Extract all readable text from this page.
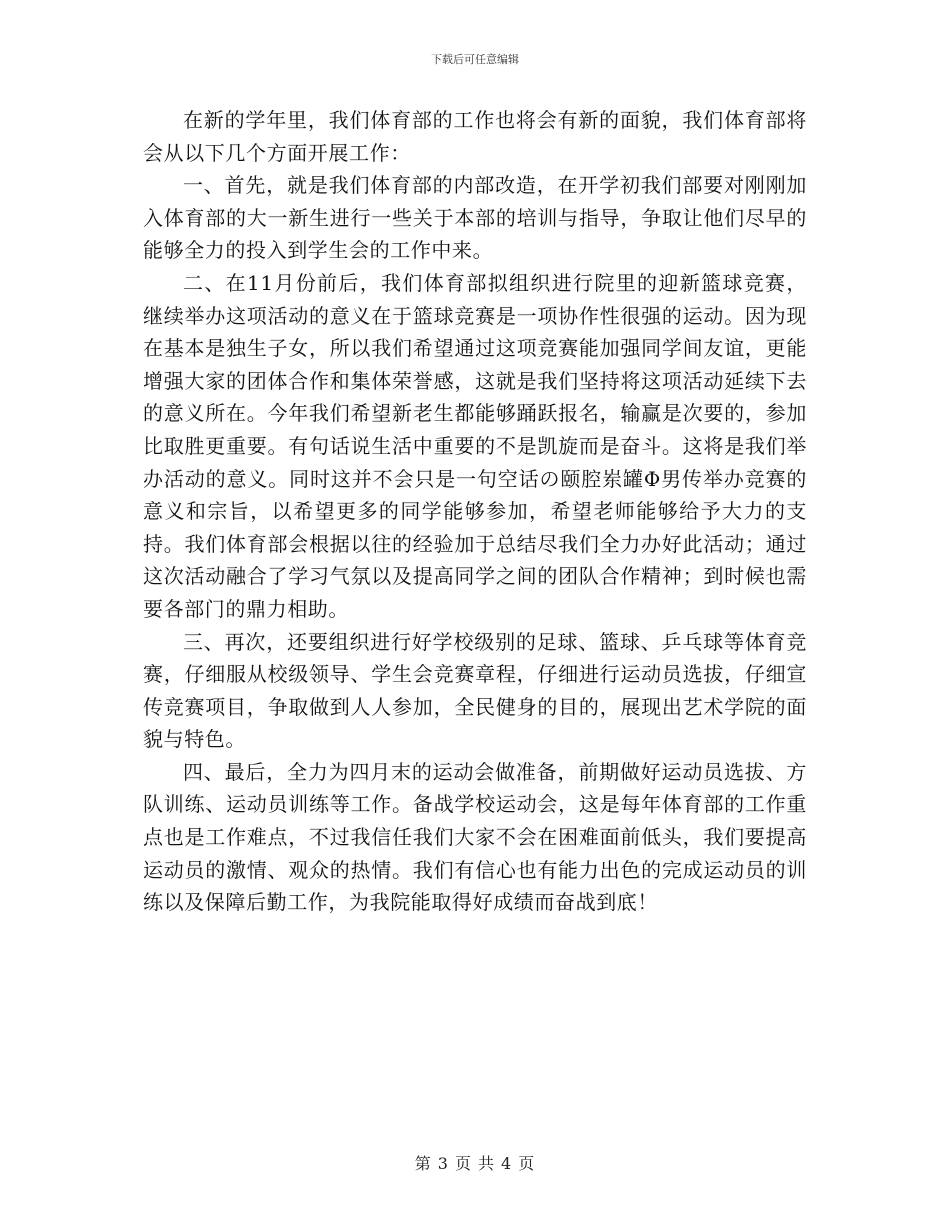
下载后可任意编辑

在新的学年里，我们体育部的工作也将会有新的面貌，我们体育部将会从以下几个方面开展工作：

一、首先，就是我们体育部的内部改造，在开学初我们部要对刚刚加入体育部的大一新生进行一些关于本部的培训与指导，争取让他们尽早的能够全力的投入到学生会的工作中来。

二、在11月份前后，我们体育部拟组织进行院里的迎新篮球竞赛，继续举办这项活动的意义在于篮球竞赛是一项协作性很强的运动。因为现在基本是独生子女，所以我们希望通过这项竞赛能加强同学间友谊，更能增强大家的团体合作和集体荣誉感，这就是我们坚持将这项活动延续下去的意义所在。今年我们希望新老生都能够踊跃报名，输赢是次要的，参加比取胜更重要。有句话说生活中重要的不是凯旋而是奋斗。这将是我们举办活动的意义。同时这并不会只是一句空话の颐腔岽罐Φ男传举办竞赛的意义和宗旨，以希望更多的同学能够参加，希望老师能够给予大力的支持。我们体育部会根据以往的经验加于总结尽我们全力办好此活动；通过这次活动融合了学习气氛以及提高同学之间的团队合作精神；到时候也需要各部门的鼎力相助。

三、再次，还要组织进行好学校级别的足球、篮球、乒乓球等体育竞赛，仔细服从校级领导、学生会竞赛章程，仔细进行运动员选拔，仔细宣传竞赛项目，争取做到人人参加，全民健身的目的，展现出艺术学院的面貌与特色。

四、最后，全力为四月末的运动会做准备，前期做好运动员选拔、方队训练、运动员训练等工作。备战学校运动会，这是每年体育部的工作重点也是工作难点，不过我信任我们大家不会在困难面前低头，我们要提高运动员的激情、观众的热情。我们有信心也有能力出色的完成运动员的训练以及保障后勤工作，为我院能取得好成绩而奋战到底！

第 3 页 共 4 页
